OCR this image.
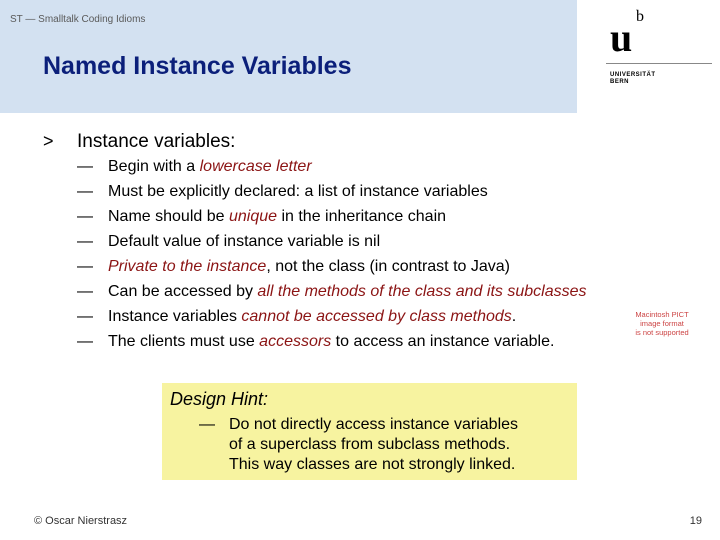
ST — Smalltalk Coding Idioms
Named Instance Variables
u b
UNIVERSITÄT
BERN
> Instance variables:
— Begin with a lowercase letter
— Must be explicitly declared: a list of instance variables
— Name should be unique in the inheritance chain
— Default value of instance variable is nil
— Private to the instance, not the class (in contrast to Java)
— Can be accessed by all the methods of the class and its subclasses
— Instance variables cannot be accessed by class methods.
— The clients must use accessors to access an instance variable.
Macintosh PICT
image format
is not supported
Design Hint:
— Do not directly access instance variables
of a superclass from subclass methods.
This way classes are not strongly linked.
© Oscar Nierstrasz	19
